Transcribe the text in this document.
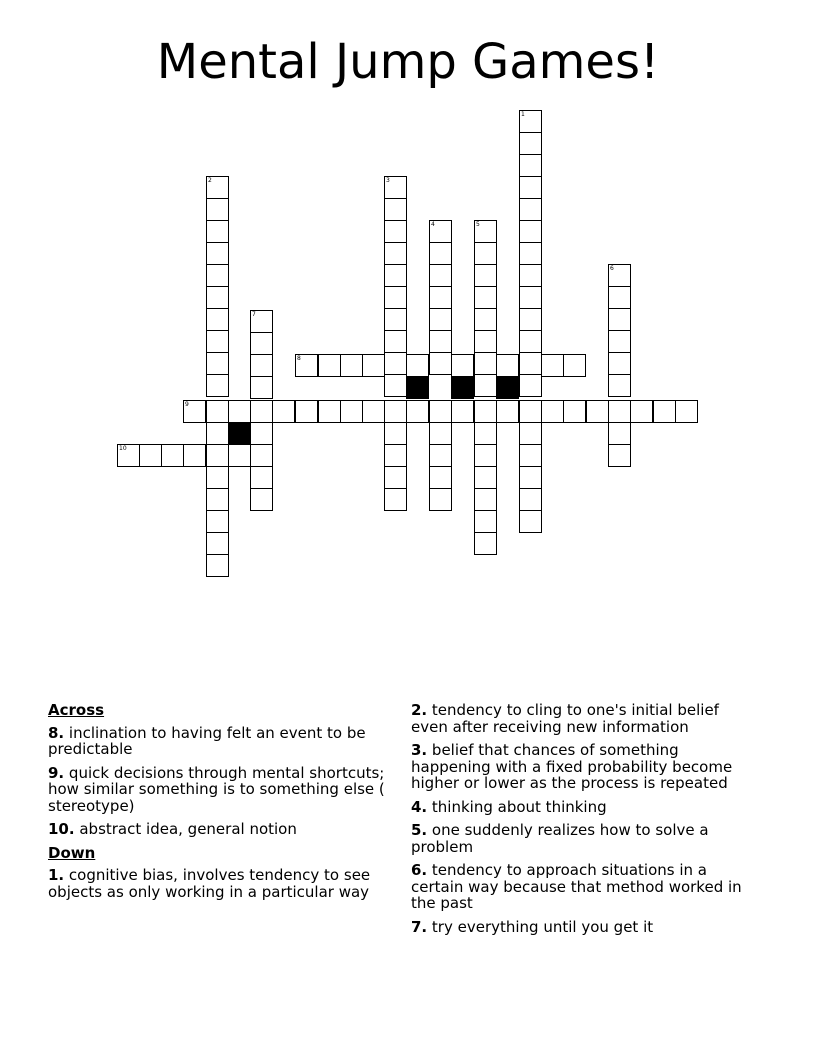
Mental Jump Games!
1
2	3
4	5
6
7
8
9
10
Across
8. inclination to having felt an event to be predictable
9. quick decisions through mental shortcuts; how similar something is to something else ( stereotype)
10. abstract idea, general notion
Down
1. cognitive bias, involves tendency to see objects as only working in a particular way
2. tendency to cling to one's initial belief even after receiving new information
3. belief that chances of something happening with a fixed probability become higher or lower as the process is repeated
4. thinking about thinking
5. one suddenly realizes how to solve a problem
6. tendency to approach situations in a certain way because that method worked in the past
7. try everything until you get it
